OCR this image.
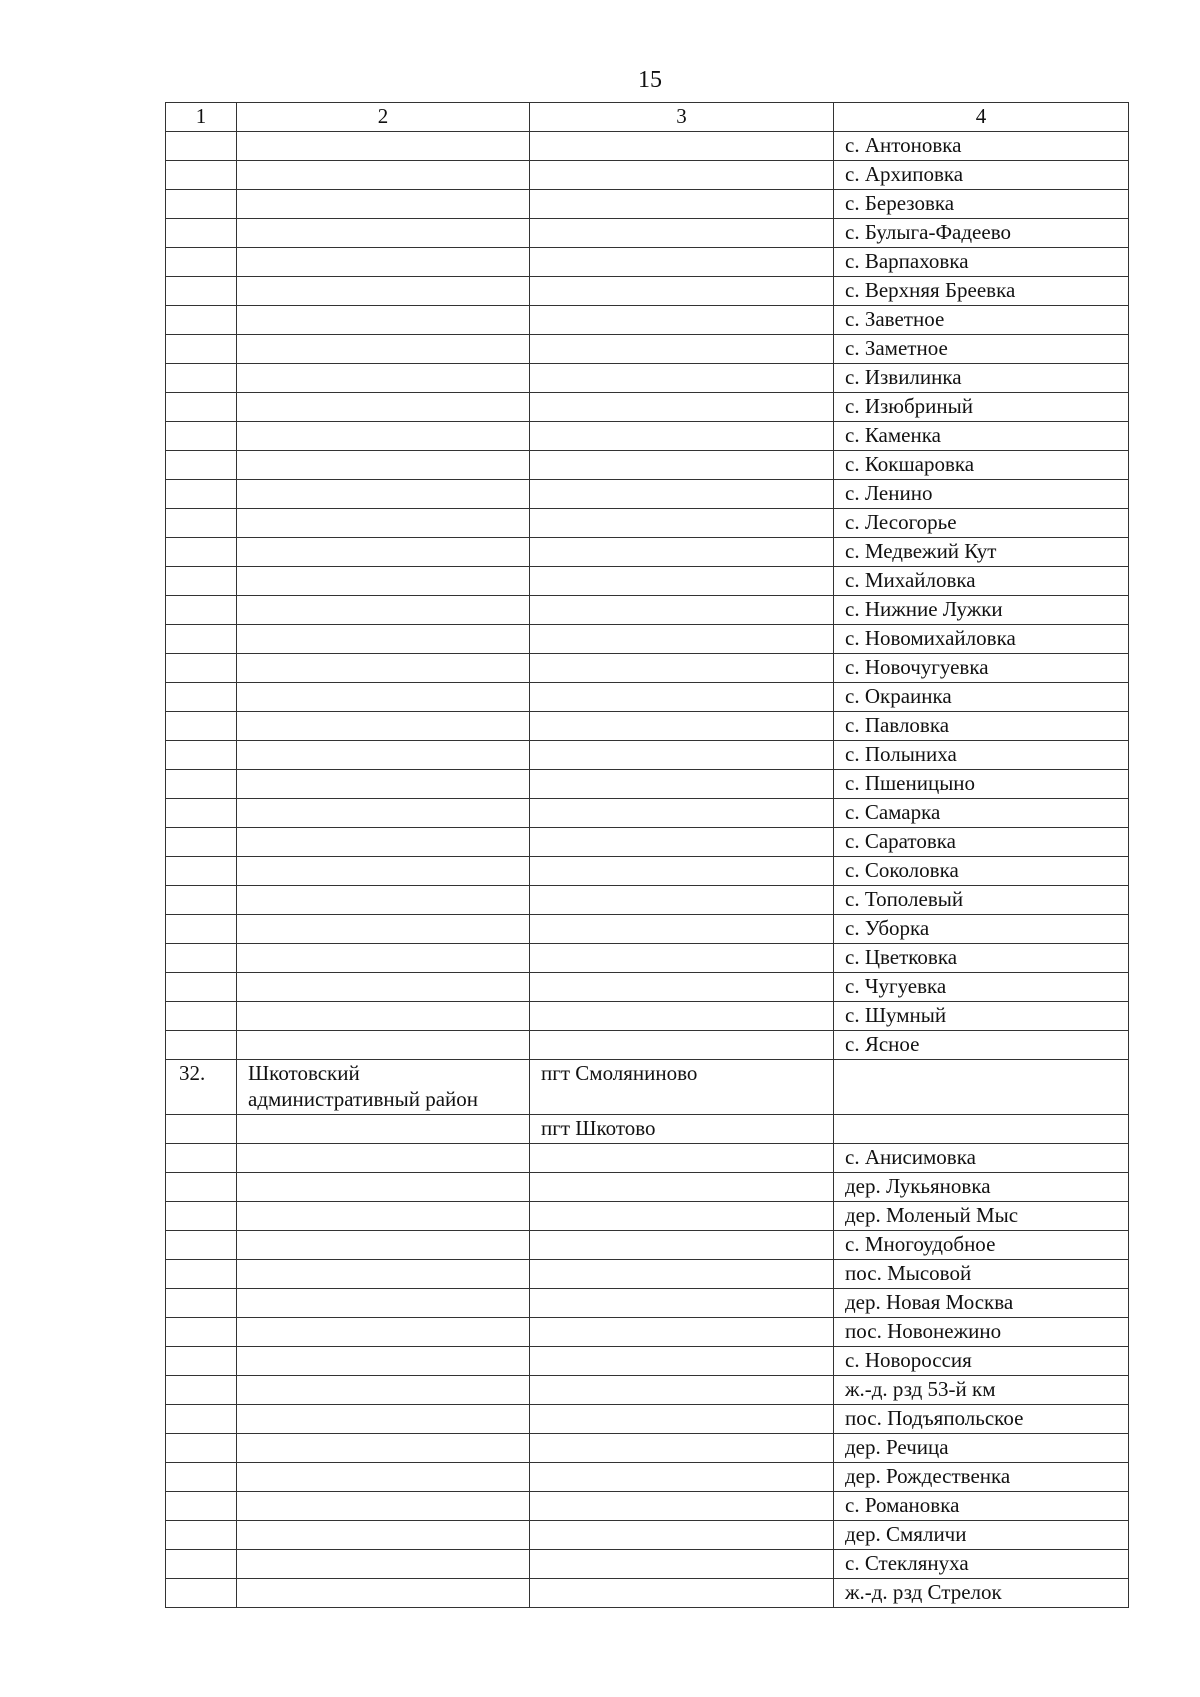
15
1	2	3	4
			с. Антоновка
			с. Архиповка
			с. Березовка
			с. Булыга-Фадеево
			с. Варпаховка
			с. Верхняя Бреевка
			с. Заветное
			с. Заметное
			с. Извилинка
			с. Изюбриный
			с. Каменка
			с. Кокшаровка
			с. Ленино
			с. Лесогорье
			с. Медвежий Кут
			с. Михайловка
			с. Нижние Лужки
			с. Новомихайловка
			с. Новочугуевка
			с. Окраинка
			с. Павловка
			с. Полыниха
			с. Пшеницыно
			с. Самарка
			с. Саратовка
			с. Соколовка
			с. Тополевый
			с. Уборка
			с. Цветковка
			с. Чугуевка
			с. Шумный
			с. Ясное
32.	Шкотовский административный район	пгт Смоляниново	
		пгт Шкотово	
			с. Анисимовка
			дер. Лукьяновка
			дер. Моленый Мыс
			с. Многоудобное
			пос. Мысовой
			дер. Новая Москва
			пос. Новонежино
			с. Новороссия
			ж.-д. рзд 53-й км
			пос. Подъяпольское
			дер. Речица
			дер. Рождественка
			с. Романовка
			дер. Смяличи
			с. Стеклянуха
			ж.-д. рзд Стрелок
